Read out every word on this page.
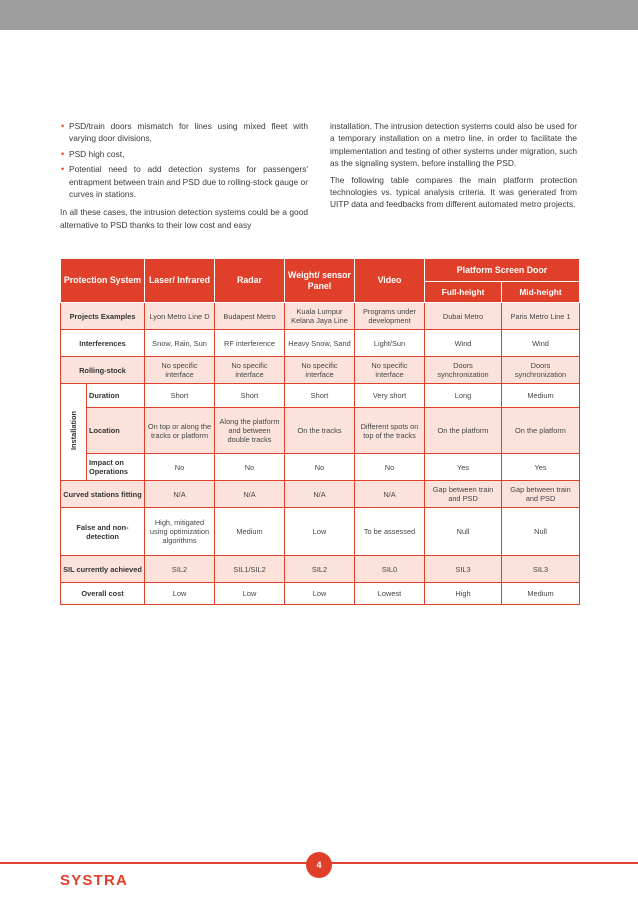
• PSD/train doors mismatch for lines using mixed fleet with varying door divisions,
• PSD high cost,
• Potential need to add detection systems for passengers' entrapment between train and PSD due to rolling-stock gauge or curves in stations.

In all these cases, the intrusion detection systems could be a good alternative to PSD thanks to their low cost and easy

installation. The intrusion detection systems could also be used for a temporary installation on a metro line, in order to facilitate the implementation and testing of other systems under migration, such as the signaling system, before installing the PSD.

The following table compares the main platform protection technologies vs. typical analysis criteria. It was generated from UITP data and feedbacks from different automated metro projects.

Protection System		Laser/ Infrared	Radar	Weight/ sensor Panel	Video	Platform Screen Door	
						Full-height	Mid-height
Projects Examples		Lyon Metro Line D	Budapest Metro	Kuala Lumpur Kelana Jaya Line	Programs under development	Dubai Metro	Paris Metro Line 1
Interferences		Snow, Rain, Sun	RF interference	Heavy Snow, Sand	Light/Sun	Wind	Wind
Rolling-stock		No specific interface	No specific interface	No specific interface	No specific interface	Doors synchronization	Doors synchronization
Installation	Duration	Short	Short	Short	Very short	Long	Medium
	Location	On top or along the tracks or platform	Along the platform and between double tracks	On the tracks	Different spots on top of the tracks	On the platform	On the platform
	Impact on Operations	No	No	No	No	Yes	Yes
Curved stations fitting		N/A	N/A	N/A	N/A	Gap between train and PSD	Gap between train and PSD
False and non-detection		High, mitigated using optimization algorithms	Medium	Low	To be assessed	Null	Null
SIL currently achieved		SIL2	SIL1/SIL2	SIL2	SIL0	SIL3	SIL3
Overall cost		Low	Low	Low	Lowest	High	Medium
4
SYSTRA
